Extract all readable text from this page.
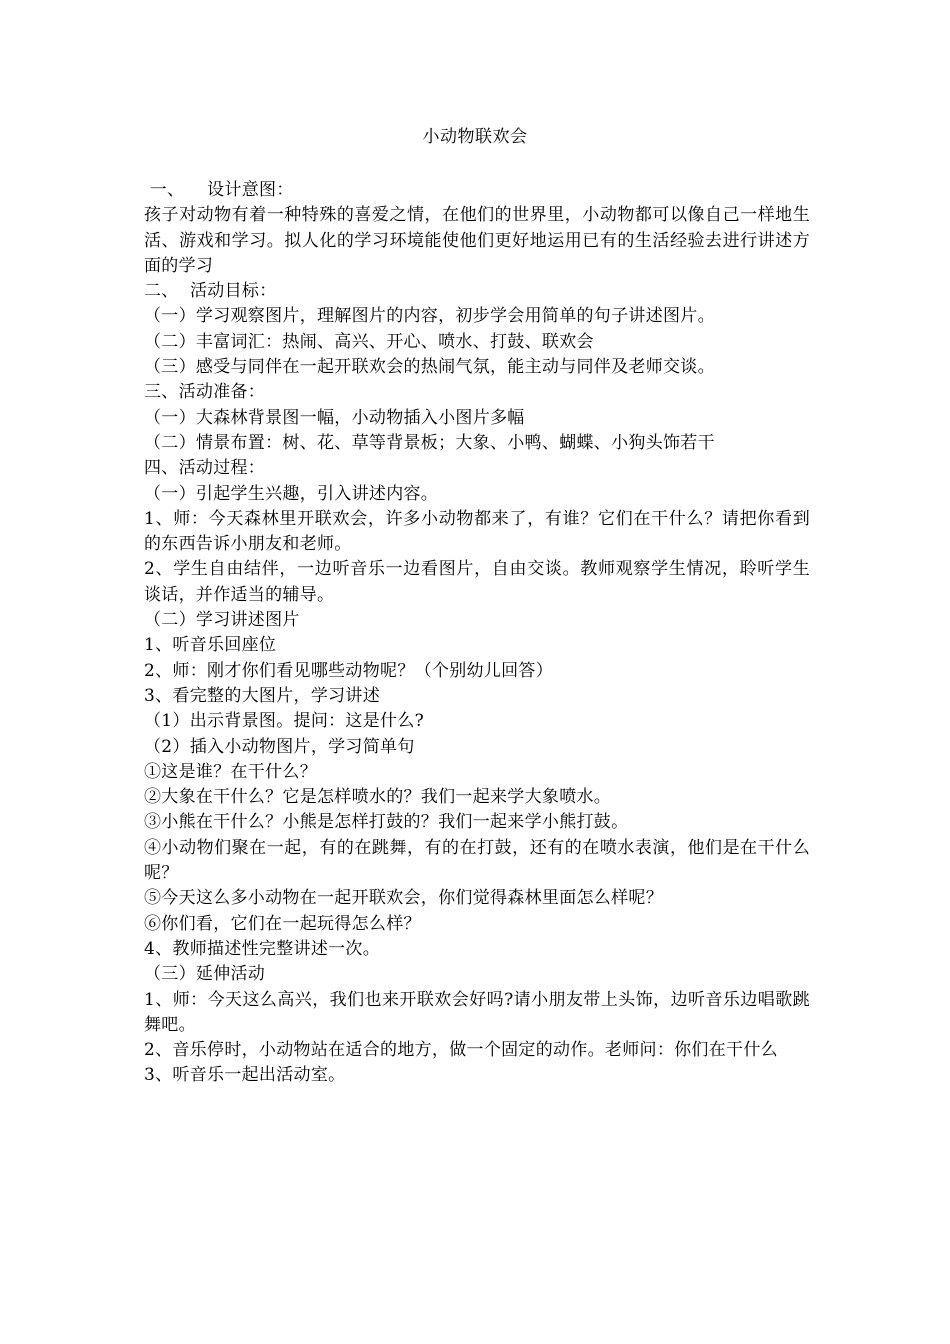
小动物联欢会
一、    设计意图：
孩子对动物有着一种特殊的喜爱之情，在他们的世界里，小动物都可以像自己一样地生活、游戏和学习。拟人化的学习环境能使他们更好地运用已有的生活经验去进行讲述方面的学习
二、  活动目标：
（一）学习观察图片，理解图片的内容，初步学会用简单的句子讲述图片。
（二）丰富词汇：热闹、高兴、开心、喷水、打鼓、联欢会
（三）感受与同伴在一起开联欢会的热闹气氛，能主动与同伴及老师交谈。
三、活动准备：
（一）大森林背景图一幅，小动物插入小图片多幅
（二）情景布置：树、花、草等背景板；大象、小鸭、蝴蝶、小狗头饰若干
四、活动过程：
（一）引起学生兴趣，引入讲述内容。
1、师：今天森林里开联欢会，许多小动物都来了，有谁？它们在干什么？请把你看到的东西告诉小朋友和老师。
2、学生自由结伴，一边听音乐一边看图片，自由交谈。教师观察学生情况，聆听学生谈话，并作适当的辅导。
（二）学习讲述图片
1、听音乐回座位
2、师：刚才你们看见哪些动物呢？（个别幼儿回答）
3、看完整的大图片，学习讲述
（1）出示背景图。提问：这是什么?
（2）插入小动物图片，学习简单句
①这是谁？在干什么？
②大象在干什么？它是怎样喷水的？我们一起来学大象喷水。
③小熊在干什么？小熊是怎样打鼓的？我们一起来学小熊打鼓。
④小动物们聚在一起，有的在跳舞，有的在打鼓，还有的在喷水表演，他们是在干什么呢？
⑤今天这么多小动物在一起开联欢会，你们觉得森林里面怎么样呢？
⑥你们看，它们在一起玩得怎么样？
4、教师描述性完整讲述一次。
（三）延伸活动
1、师：今天这么高兴，我们也来开联欢会好吗?请小朋友带上头饰，边听音乐边唱歌跳舞吧。
2、音乐停时，小动物站在适合的地方，做一个固定的动作。老师问：你们在干什么
3、听音乐一起出活动室。
